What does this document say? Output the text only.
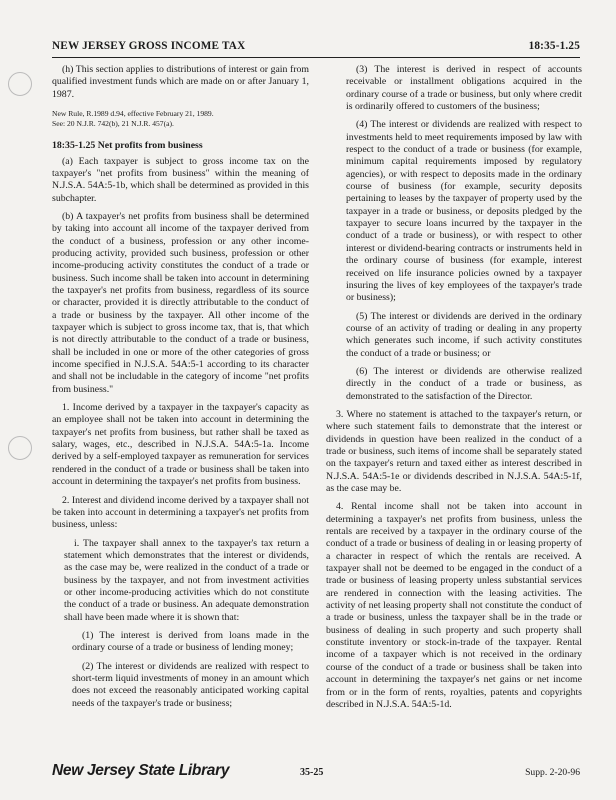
NEW JERSEY GROSS INCOME TAX	18:35-1.25

(h) This section applies to distributions of interest or gain from qualified investment funds which are made on or after January 1, 1987.

New Rule, R.1989 d.94, effective February 21, 1989.
See: 20 N.J.R. 742(b), 21 N.J.R. 457(a).
18:35-1.25 Net profits from business

(a) Each taxpayer is subject to gross income tax on the taxpayer's "net profits from business" within the meaning of N.J.S.A. 54A:5-1b, which shall be determined as provided in this subchapter.

(b) A taxpayer's net profits from business shall be determined by taking into account all income of the taxpayer derived from the conduct of a business, profession or any other income-producing activity, provided such business, profession or other income-producing activity constitutes the conduct of a trade or business. Such income shall be taken into account in determining the taxpayer's net profits from business, regardless of its source or character, provided it is directly attributable to the conduct of a trade or business by the taxpayer. All other income of the taxpayer which is subject to gross income tax, that is, that which is not directly attributable to the conduct of a trade or business, shall be included in one or more of the other categories of gross income specified in N.J.S.A. 54A:5-1 according to its character and shall not be includable in the category of income "net profits from business."

1. Income derived by a taxpayer in the taxpayer's capacity as an employee shall not be taken into account in determining the taxpayer's net profits from business, but rather shall be taxed as salary, wages, etc., described in N.J.S.A. 54A:5-1a. Income derived by a self-employed taxpayer as remuneration for services rendered in the conduct of a trade or business shall be taken into account in determining the taxpayer's net profits from business.

2. Interest and dividend income derived by a taxpayer shall not be taken into account in determining a taxpayer's net profits from business, unless:

i. The taxpayer shall annex to the taxpayer's tax return a statement which demonstrates that the interest or dividends, as the case may be, were realized in the conduct of a trade or business by the taxpayer, and not from investment activities or other income-producing activities which do not constitute the conduct of a trade or business. An adequate demonstration shall have been made where it is shown that:

(1) The interest is derived from loans made in the ordinary course of a trade or business of lending money;

(2) The interest or dividends are realized with respect to short-term liquid investments of money in an amount which does not exceed the reasonably anticipated working capital needs of the taxpayer's trade or business;

(3) The interest is derived in respect of accounts receivable or installment obligations acquired in the ordinary course of a trade or business, but only where credit is ordinarily offered to customers of the business;

(4) The interest or dividends are realized with respect to investments held to meet requirements imposed by law with respect to the conduct of a trade or business (for example, minimum capital requirements imposed by regulatory agencies), or with respect to deposits made in the ordinary course of business (for example, security deposits pertaining to leases by the taxpayer of property used by the taxpayer in a trade or business, or deposits pledged by the taxpayer to secure loans incurred by the taxpayer in the conduct of a trade or business), or with respect to other interest or dividend-bearing contracts or instruments held in the ordinary course of business (for example, interest received on life insurance policies owned by a taxpayer insuring the lives of key employees of the taxpayer's trade or business);

(5) The interest or dividends are derived in the ordinary course of an activity of trading or dealing in any property which generates such income, if such activity constitutes the conduct of a trade or business; or

(6) The interest or dividends are otherwise realized directly in the conduct of a trade or business, as demonstrated to the satisfaction of the Director.

3. Where no statement is attached to the taxpayer's return, or where such statement fails to demonstrate that the interest or dividends in question have been realized in the conduct of a trade or business, such items of income shall be separately stated on the taxpayer's return and taxed either as interest described in N.J.S.A. 54A:5-1e or dividends described in N.J.S.A. 54A:5-1f, as the case may be.

4. Rental income shall not be taken into account in determining a taxpayer's net profits from business, unless the rentals are received by a taxpayer in the ordinary course of the conduct of a trade or business of dealing in or leasing property of a character in respect of which the rentals are received. A taxpayer shall not be deemed to be engaged in the conduct of a trade or business of leasing property unless substantial services are rendered in connection with the leasing activities. The activity of net leasing property shall not constitute the conduct of a trade or business, unless the taxpayer shall be in the trade or business of dealing in such property and such property shall constitute inventory or stock-in-trade of the taxpayer. Rental income of a taxpayer which is not received in the ordinary course of the conduct of a trade or business shall be taken into account in determining the taxpayer's net gains or net income from or in the form of rents, royalties, patents and copyrights described in N.J.S.A. 54A:5-1d.

New Jersey State Library	35-25	Supp. 2-20-96
